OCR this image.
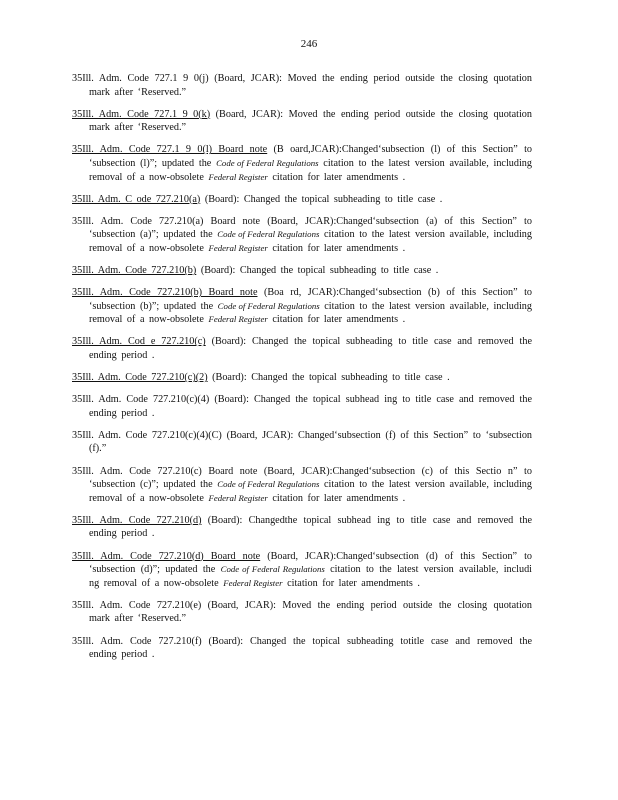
246

35Ill. Adm. Code 727.1 9 0(j) (Board, JCAR): Moved the ending period outside the closing quotation mark after ‘Reserved.”

35Ill. Adm. Code 727.1 9 0(k) (Board, JCAR): Moved the ending period outside the closing quotation mark after ‘Reserved.”

35Ill. Adm. Code 727.1 9 0(l) Board note (B oard,JCAR):Changed‘subsection (l) of this Section” to ‘subsection (l)”; updated the Code of Federal Regulations citation to the latest version available, including removal of a now-obsolete Federal Register citation for later amendments .

35Ill. Adm. C ode 727.210(a) (Board): Changed the topical subheading to title case .

35Ill. Adm. Code 727.210(a) Board note (Board, JCAR):Changed‘subsection (a) of this Section” to ‘subsection (a)”; updated the Code of Federal Regulations citation to the latest version available, including removal of a now-obsolete Federal Register citation for later amendments .

35Ill. Adm. Code 727.210(b) (Board): Changed the topical subheading to title case .

35Ill. Adm. Code 727.210(b) Board note (Boa rd, JCAR):Changed‘subsection (b) of this Section” to ‘subsection (b)”; updated the Code of Federal Regulations citation to the latest version available, including removal of a now-obsolete Federal Register citation for later amendments .

35Ill. Adm. Cod e 727.210(c) (Board): Changed the topical subheading to title case and removed the ending period .

35Ill. Adm. Code 727.210(c)(2) (Board): Changed the topical subheading to title case .

35Ill. Adm. Code 727.210(c)(4) (Board): Changed the topical subhead ing to title case and removed the ending period .

35Ill. Adm. Code 727.210(c)(4)(C) (Board, JCAR): Changed‘subsection (f) of this Section” to ‘subsection (f).”

35Ill. Adm. Code 727.210(c) Board note (Board, JCAR):Changed‘subsection (c) of this Sectio n” to ‘subsection (c)”; updated the Code of Federal Regulations citation to the latest version available, including removal of a now-obsolete Federal Register citation for later amendments .

35Ill. Adm. Code 727.210(d) (Board): Changedthe topical subhead ing to title case and removed the ending period .

35Ill. Adm. Code 727.210(d) Board note (Board, JCAR):Changed‘subsection (d) of this Section” to ‘subsection (d)”; updated the Code of Federal Regulations citation to the latest version available, includi ng removal of a now-obsolete Federal Register citation for later amendments .

35Ill. Adm. Code 727.210(e) (Board, JCAR): Moved the ending period outside the closing quotation mark after ‘Reserved.”

35Ill. Adm. Code 727.210(f) (Board): Changed the topical subheading totitle case and removed the ending period .
